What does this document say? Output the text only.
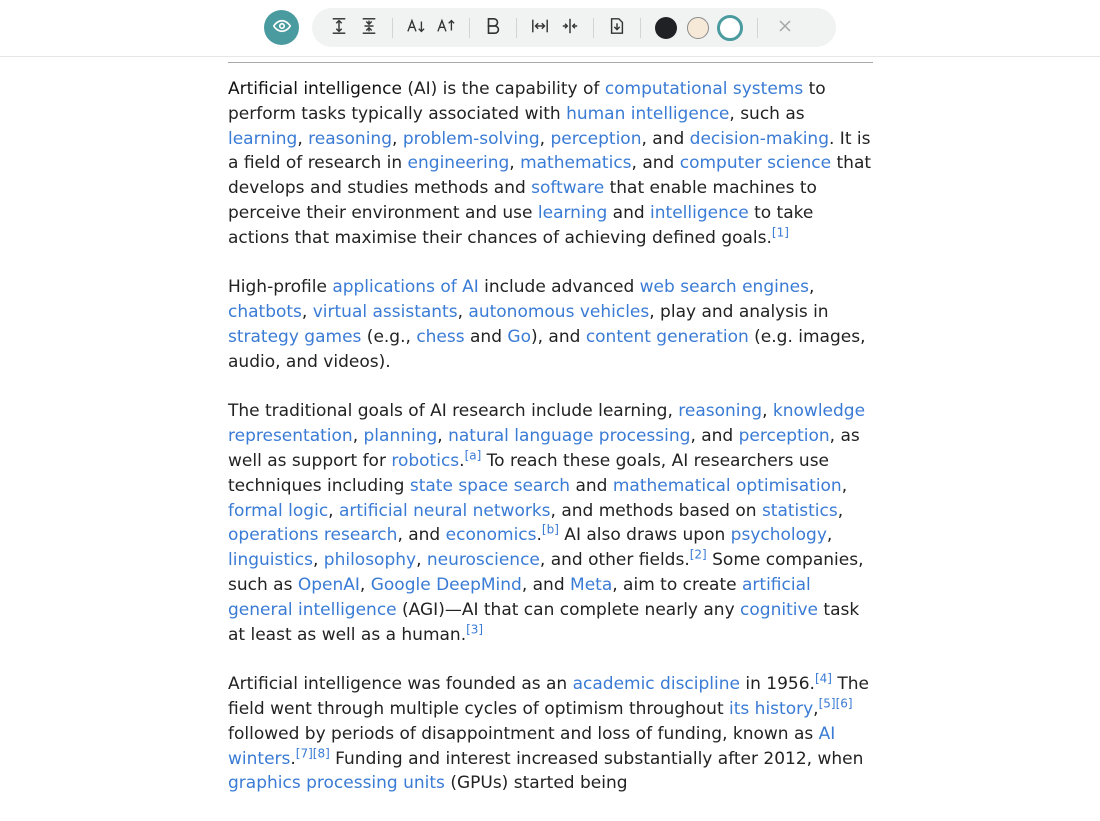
Artificial intelligence (AI) is the capability of computational systems to perform tasks typically associated with human intelligence, such as learning, reasoning, problem-solving, perception, and decision-making. It is a field of research in engineering, mathematics, and computer science that develops and studies methods and software that enable machines to perceive their environment and use learning and intelligence to take actions that maximise their chances of achieving defined goals.[1]

High-profile applications of AI include advanced web search engines, chatbots, virtual assistants, autonomous vehicles, play and analysis in strategy games (e.g., chess and Go), and content generation (e.g. images, audio, and videos).

The traditional goals of AI research include learning, reasoning, knowledge representation, planning, natural language processing, and perception, as well as support for robotics.[a] To reach these goals, AI researchers use techniques including state space search and mathematical optimisation, formal logic, artificial neural networks, and methods based on statistics, operations research, and economics.[b] AI also draws upon psychology, linguistics, philosophy, neuroscience, and other fields.[2] Some companies, such as OpenAI, Google DeepMind, and Meta, aim to create artificial general intelligence (AGI)—AI that can complete nearly any cognitive task at least as well as a human.[3]

Artificial intelligence was founded as an academic discipline in 1956.[4] The field went through multiple cycles of optimism throughout its history,[5][6] followed by periods of disappointment and loss of funding, known as AI winters.[7][8] Funding and interest increased substantially after 2012, when graphics processing units (GPUs) started being
